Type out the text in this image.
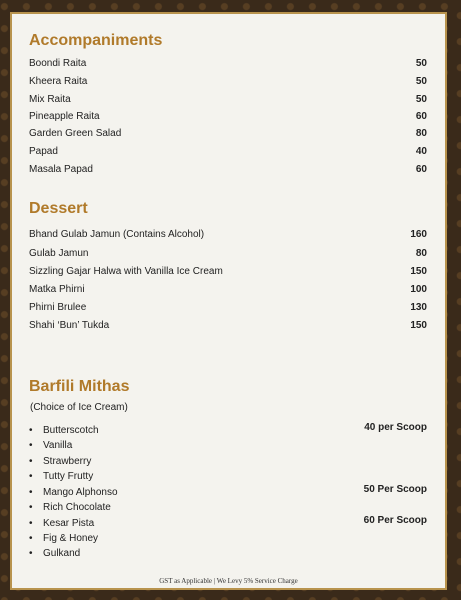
Accompaniments
Boondi Raita	50
Kheera Raita	50
Mix Raita	50
Pineapple Raita	60
Garden Green Salad	80
Papad	40
Masala Papad	60
Dessert
Bhand Gulab Jamun (Contains Alcohol)	160
Gulab Jamun	80
Sizzling Gajar Halwa with Vanilla Ice Cream	150
Matka Phirni	100
Phirni Brulee	130
Shahi ‘Bun’ Tukda	150
Barfili Mithas
(Choice of Ice Cream)
• Butterscotch	40 per Scoop
• Vanilla
• Strawberry
• Tutty Frutty
• Mango Alphonso	50 Per Scoop
• Rich Chocolate
• Kesar Pista	60 Per Scoop
• Fig & Honey
• Gulkand
GST as Applicable | We Levy 5% Service Charge
